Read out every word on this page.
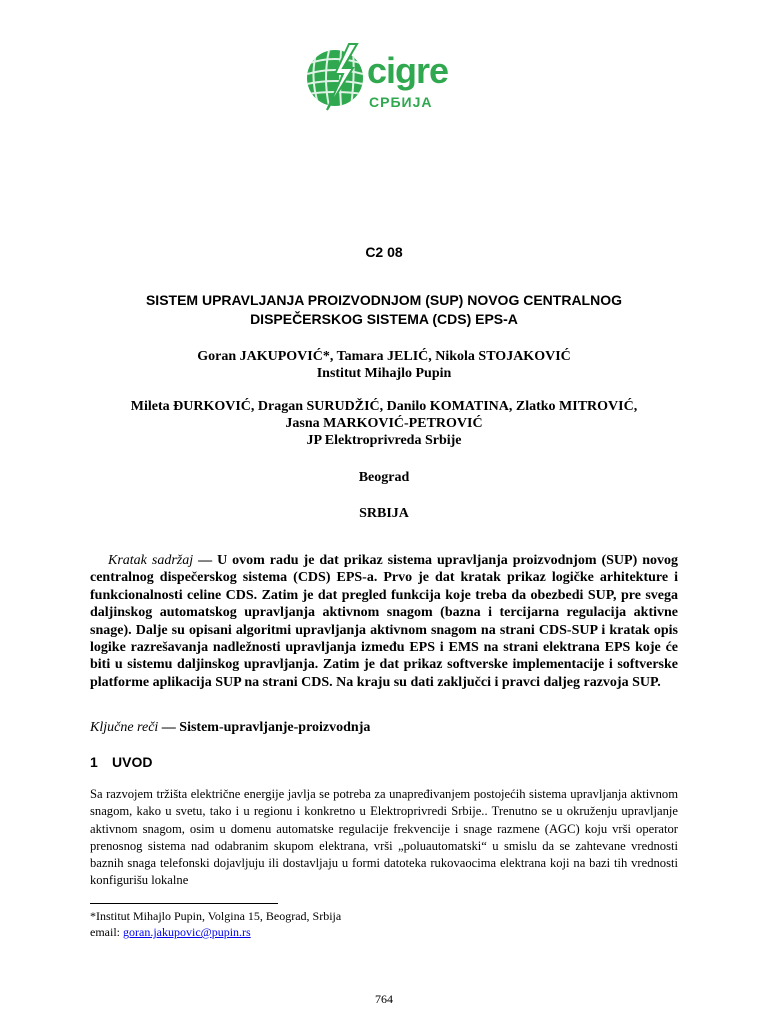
cigre
СРБИЈА
C2 08
SISTEM UPRAVLJANJA PROIZVODNJOM (SUP) NOVOG CENTRALNOG
DISPEČERSKOG SISTEMA (CDS) EPS-A
Goran JAKUPOVIĆ*, Tamara JELIĆ, Nikola STOJAKOVIĆ
Institut Mihajlo Pupin
Mileta ĐURKOVIĆ, Dragan SURUDŽIĆ, Danilo KOMATINA, Zlatko MITROVIĆ,
Jasna MARKOVIĆ-PETROVIĆ
JP Elektroprivreda Srbije
Beograd
SRBIJA
Kratak sadržaj — U ovom radu je dat prikaz sistema upravljanja proizvodnjom (SUP) novog centralnog dispečerskog sistema (CDS) EPS-a. Prvo je dat kratak prikaz logičke arhitekture i funkcionalnosti celine CDS. Zatim je dat pregled funkcija koje treba da obezbedi SUP, pre svega daljinskog automatskog upravljanja aktivnom snagom (bazna i tercijarna regulacija aktivne snage). Dalje su opisani algoritmi upravljanja aktivnom snagom na strani CDS-SUP i kratak opis logike razrešavanja nadležnosti upravljanja između EPS i EMS na strani elektrana EPS koje će biti u sistemu daljinskog upravljanja. Zatim je dat prikaz softverske implementacije i softverske platforme aplikacija SUP na strani CDS. Na kraju su dati zaključci i pravci daljeg razvoja SUP.
Ključne reči — Sistem-upravljanje-proizvodnja
1 UVOD
Sa razvojem tržišta električne energije javlja se potreba za unapređivanjem postojećih sistema upravljanja aktivnom snagom, kako u svetu, tako i u regionu i konkretno u Elektroprivredi Srbije.. Trenutno se u okruženju upravljanje aktivnom snagom, osim u domenu automatske regulacije frekvencije i snage razmene (AGC) koju vrši operator prenosnog sistema nad odabranim skupom elektrana, vrši „poluautomatski“ u smislu da se zahtevane vrednosti baznih snaga telefonski dojavljuju ili dostavljaju u formi datoteka rukovaocima elektrana koji na bazi tih vrednosti konfigurišu lokalne
*Institut Mihajlo Pupin, Volgina 15, Beograd, Srbija
email: goran.jakupovic@pupin.rs
764
